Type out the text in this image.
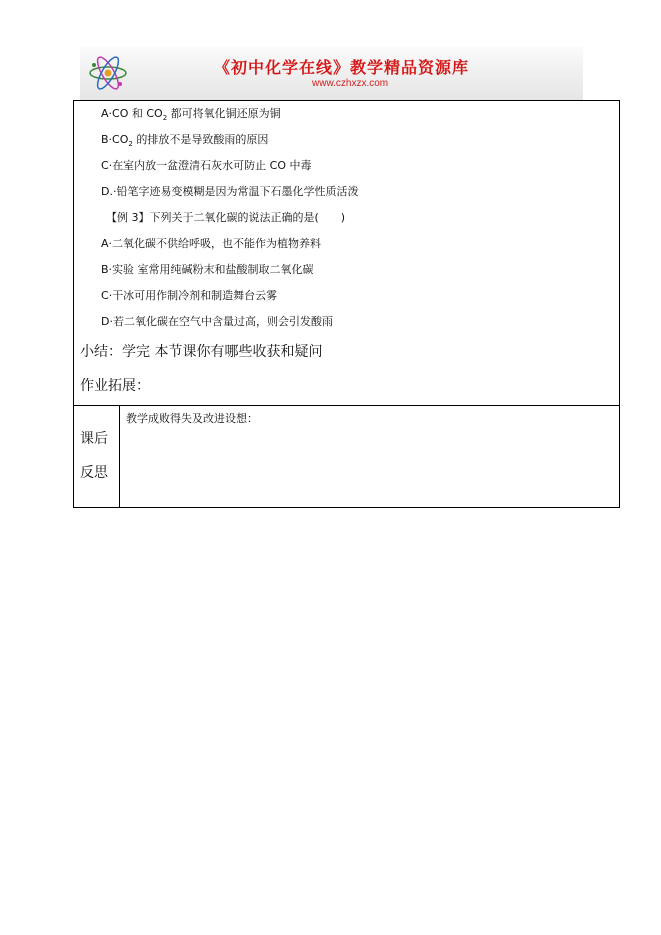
《初中化学在线》教学精品资源库
www.czhxzx.com
A·CO 和 $CO_2$ 都可将氧化铜还原为铜
$B\cdot CO_2$ 的排放不是导致酸雨的原因
C·在室内放一盆澄清石灰水可防止 CO 中毒
D.·铅笔字迹易变模糊是因为常温下石墨化学性质活泼
【例 3】下列关于二氧化碳的说法正确的是(　　)
A·二氧化碳不供给呼吸，也不能作为植物养料
B·实验 室常用纯碱粉末和盐酸制取二氧化碳
C·干冰可用作制冷剂和制造舞台云雾
D·若二氧化碳在空气中含量过高，则会引发酸雨
小结：学完 本节课你有哪些收获和疑问
作业拓展：
课后
反思
教学成败得失及改进设想：
